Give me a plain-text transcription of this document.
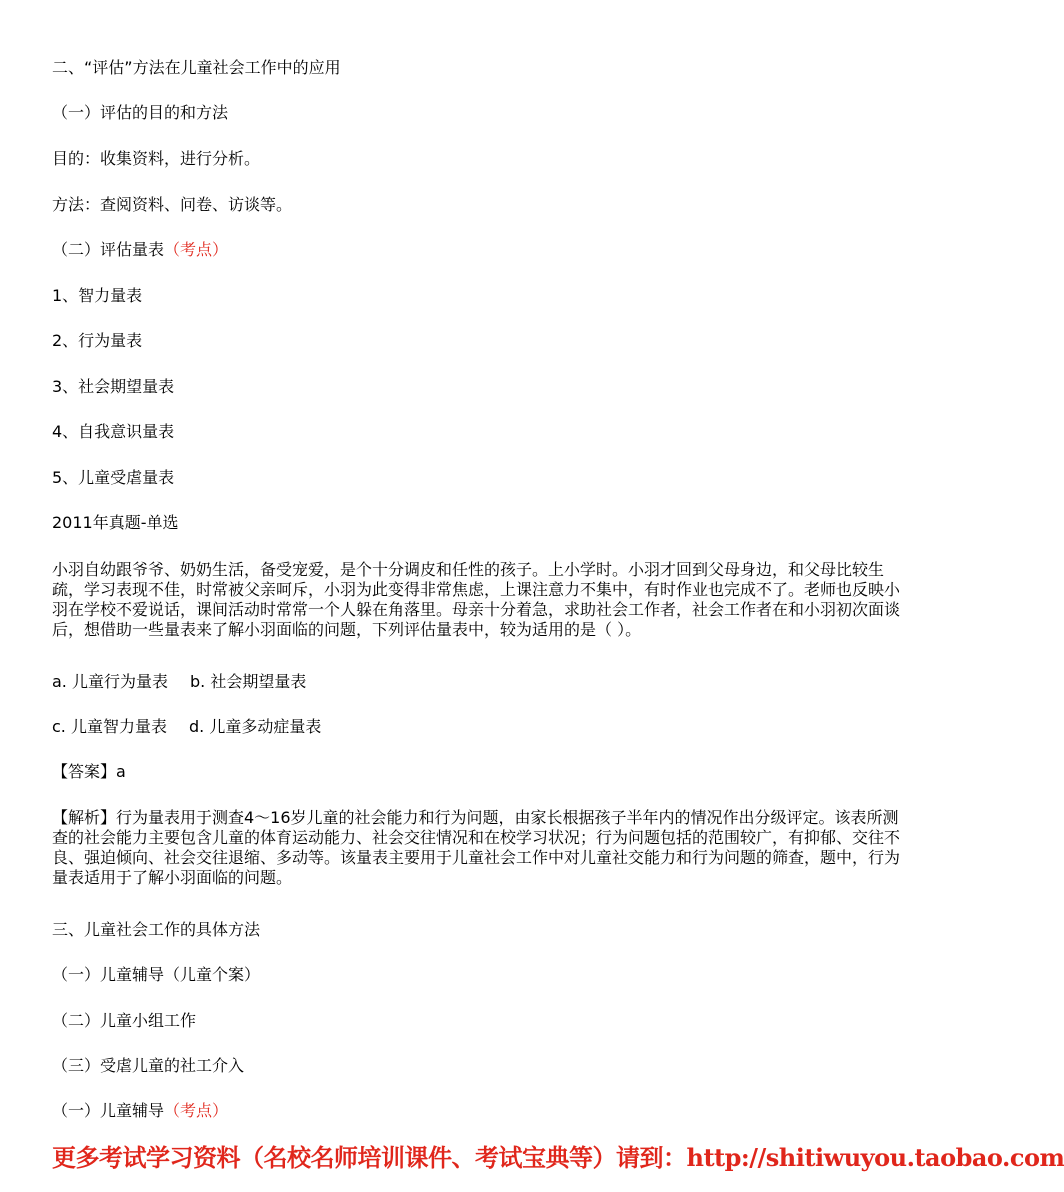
二、“评估”方法在儿童社会工作中的应用
（一）评估的目的和方法
目的：收集资料，进行分析。
方法：查阅资料、问卷、访谈等。
（二）评估量表（考点）
1、智力量表
2、行为量表
3、社会期望量表
4、自我意识量表
5、儿童受虐量表
2011年真题-单选
小羽自幼跟爷爷、奶奶生活，备受宠爱，是个十分调皮和任性的孩子。上小学时。小羽才回到父母身边，和父母比较生疏，学习表现不佳，时常被父亲呵斥，小羽为此变得非常焦虑，上课注意力不集中，有时作业也完成不了。老师也反映小羽在学校不爱说话，课间活动时常常一个人躲在角落里。母亲十分着急，求助社会工作者，社会工作者在和小羽初次面谈后，想借助一些量表来了解小羽面临的问题，下列评估量表中，较为适用的是（ ）。
a. 儿童行为量表 b. 社会期望量表
c. 儿童智力量表 d. 儿童多动症量表
【答案】a
【解析】行为量表用于测查4～16岁儿童的社会能力和行为问题，由家长根据孩子半年内的情况作出分级评定。该表所测查的社会能力主要包含儿童的体育运动能力、社会交往情况和在校学习状况；行为问题包括的范围较广，有抑郁、交往不良、强迫倾向、社会交往退缩、多动等。该量表主要用于儿童社会工作中对儿童社交能力和行为问题的筛查，题中，行为量表适用于了解小羽面临的问题。
三、儿童社会工作的具体方法
（一）儿童辅导（儿童个案）
（二）儿童小组工作
（三）受虐儿童的社工介入
（一）儿童辅导（考点）
更多考试学习资料（名校名师培训课件、考试宝典等）请到：http://shitiwuyou.taobao.com
